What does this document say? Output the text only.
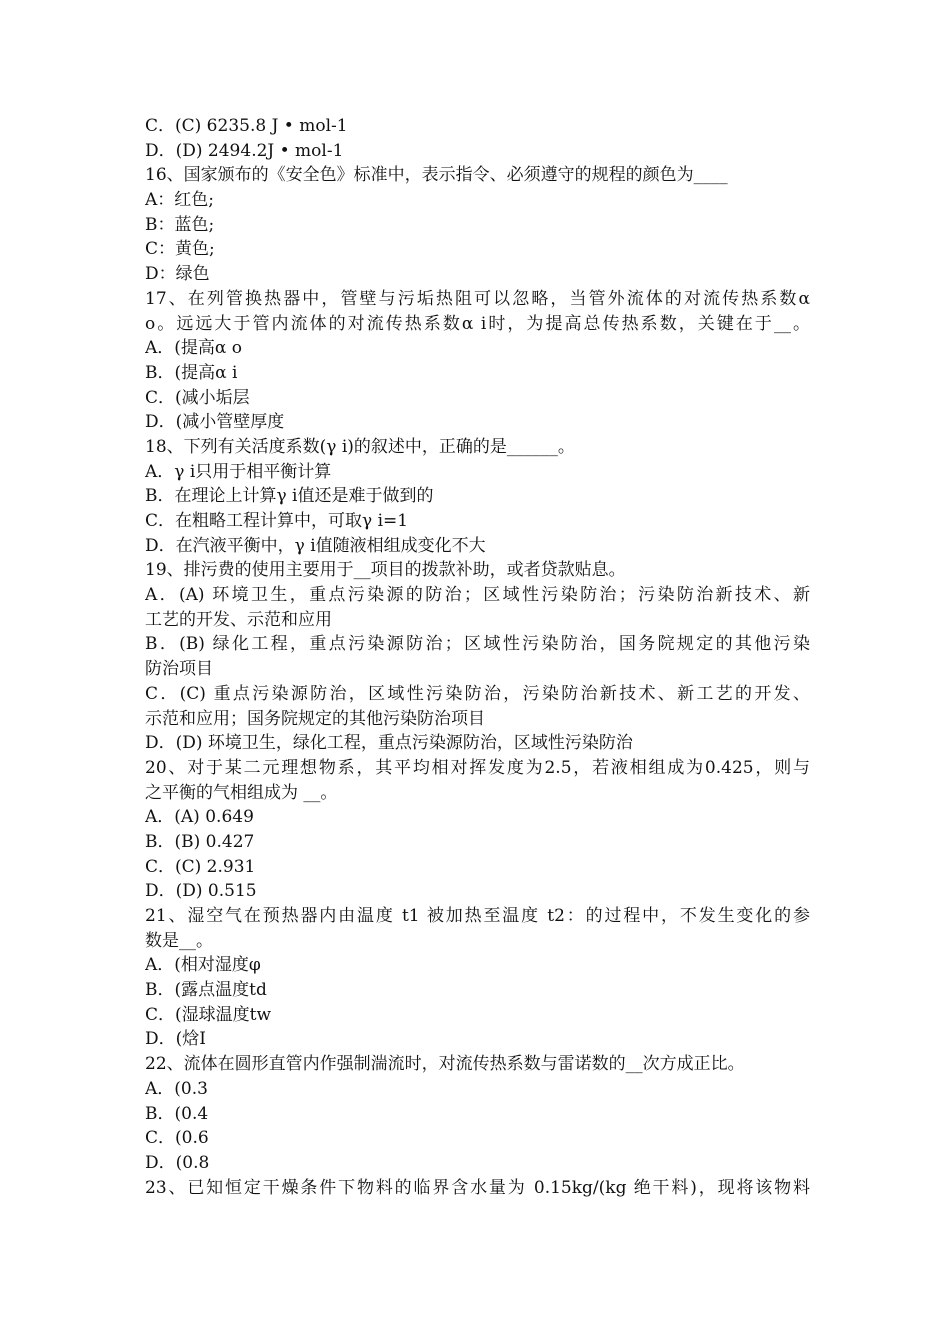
C．(C) 6235.8 J • mol-1
D．(D) 2494.2J • mol-1
16、国家颁布的《安全色》标准中，表示指令、必须遵守的规程的颜色为____
A：红色;
B：蓝色;
C：黄色;
D：绿色
17、在列管换热器中，管壁与污垢热阻可以忽略，当管外流体的对流传热系数α
o。远远大于管内流体的对流传热系数α i时，为提高总传热系数，关键在于__。
A．(提高α o
B．(提高α i
C．(减小垢层
D．(减小管壁厚度
18、下列有关活度系数(γ i)的叙述中，正确的是______。
A．γ i只用于相平衡计算
B．在理论上计算γ i值还是难于做到的
C．在粗略工程计算中，可取γ i=1
D．在汽液平衡中，γ i值随液相组成变化不大
19、排污费的使用主要用于__项目的拨款补助，或者贷款贴息。
A．(A) 环境卫生，重点污染源的防治；区域性污染防治；污染防治新技术、新
工艺的开发、示范和应用
B．(B) 绿化工程，重点污染源防治；区域性污染防治，国务院规定的其他污染
防治项目
C．(C) 重点污染源防治，区域性污染防治，污染防治新技术、新工艺的开发、
示范和应用；国务院规定的其他污染防治项目
D．(D) 环境卫生，绿化工程，重点污染源防治，区域性污染防治
20、对于某二元理想物系，其平均相对挥发度为2.5，若液相组成为0.425，则与
之平衡的气相组成为 __。
A．(A) 0.649
B．(B) 0.427
C．(C) 2.931
D．(D) 0.515
21、湿空气在预热器内由温度 t1 被加热至温度 t2：的过程中，不发生变化的参
数是__。
A．(相对湿度φ
B．(露点温度td
C．(湿球温度tw
D．(焓I
22、流体在圆形直管内作强制湍流时，对流传热系数与雷诺数的__次方成正比。
A．(0.3
B．(0.4
C．(0.6
D．(0.8
23、已知恒定干燥条件下物料的临界含水量为 0.15kg/(kg 绝干料)，现将该物料
